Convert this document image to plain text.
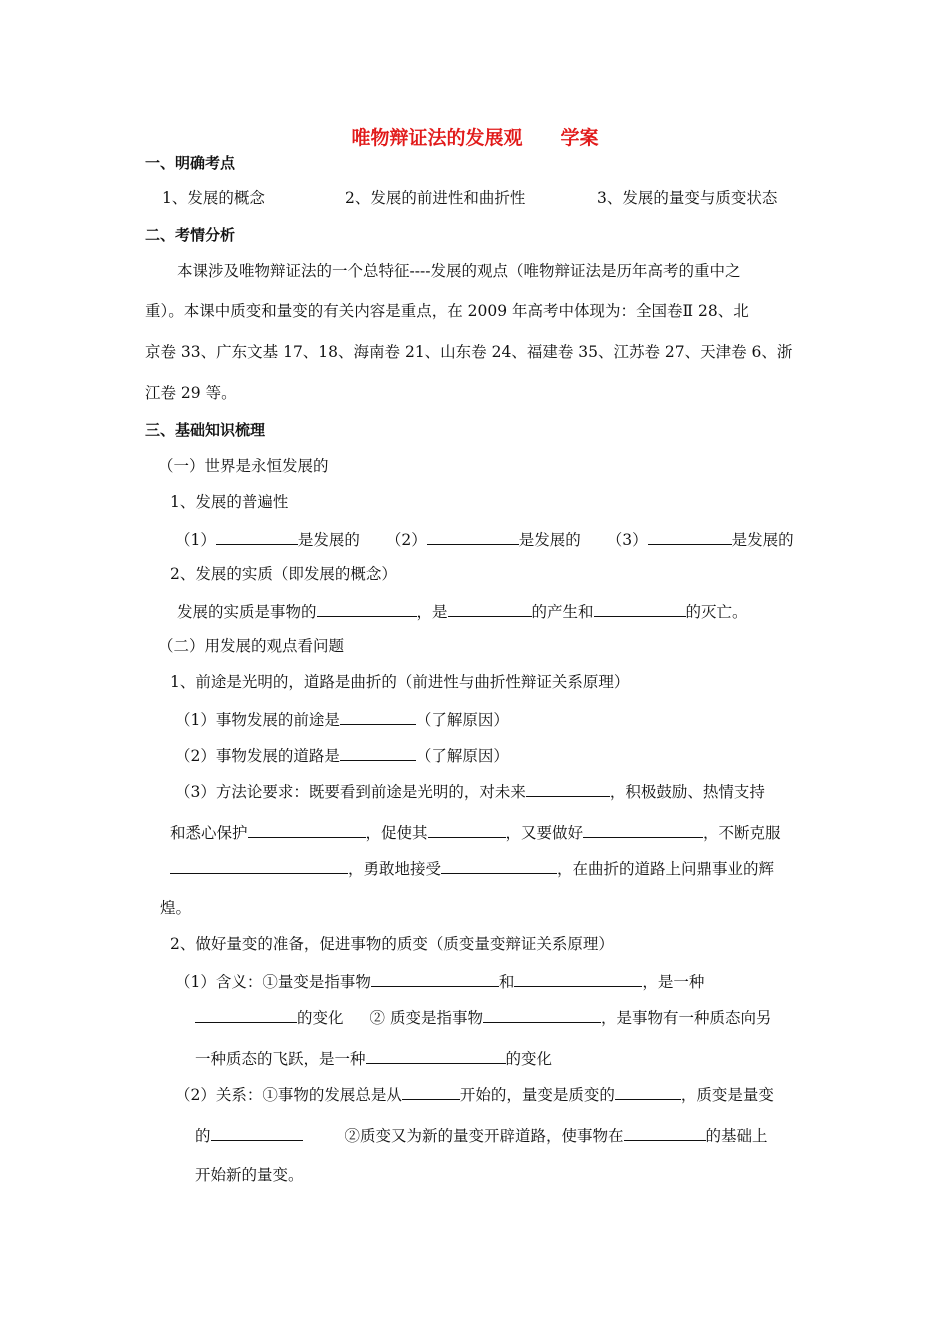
唯物辩证法的发展观 学案
一、明确考点
1、发展的概念	2、发展的前进性和曲折性	3、发展的量变与质变状态
二、考情分析
本课涉及唯物辩证法的一个总特征----发展的观点（唯物辩证法是历年高考的重中之
重）。本课中质变和量变的有关内容是重点，在 2009 年高考中体现为：全国卷Ⅱ 28、北
京卷 33、广东文基 17、18、海南卷 21、山东卷 24、福建卷 35、江苏卷 27、天津卷 6、浙
江卷 29 等。
三、基础知识梳理
（一）世界是永恒发展的
1、发展的普遍性
（1）	是发展的 （2）	是发展的 （3）	是发展的
2、发展的实质（即发展的概念）
发展的实质是事物的	，是	的产生和	的灭亡。
（二）用发展的观点看问题
1、前途是光明的，道路是曲折的（前进性与曲折性辩证关系原理）
（1）事物发展的前途是	（了解原因）
（2）事物发展的道路是	（了解原因）
（3）方法论要求：既要看到前途是光明的，对未来	，积极鼓励、热情支持
和悉心保护	，促使其	，又要做好	，不断克服
，勇敢地接受	，在曲折的道路上问鼎事业的辉
煌。
2、做好量变的准备，促进事物的质变（质变量变辩证关系原理）
（1）含义：①量变是指事物	和	，是一种
的变化 ② 质变是指事物	，是事物有一种质态向另
一种质态的飞跃，是一种	的变化
（2）关系：①事物的发展总是从	开始的，量变是质变的	，质变是量变
的	②质变又为新的量变开辟道路，使事物在	的基础上
开始新的量变。
